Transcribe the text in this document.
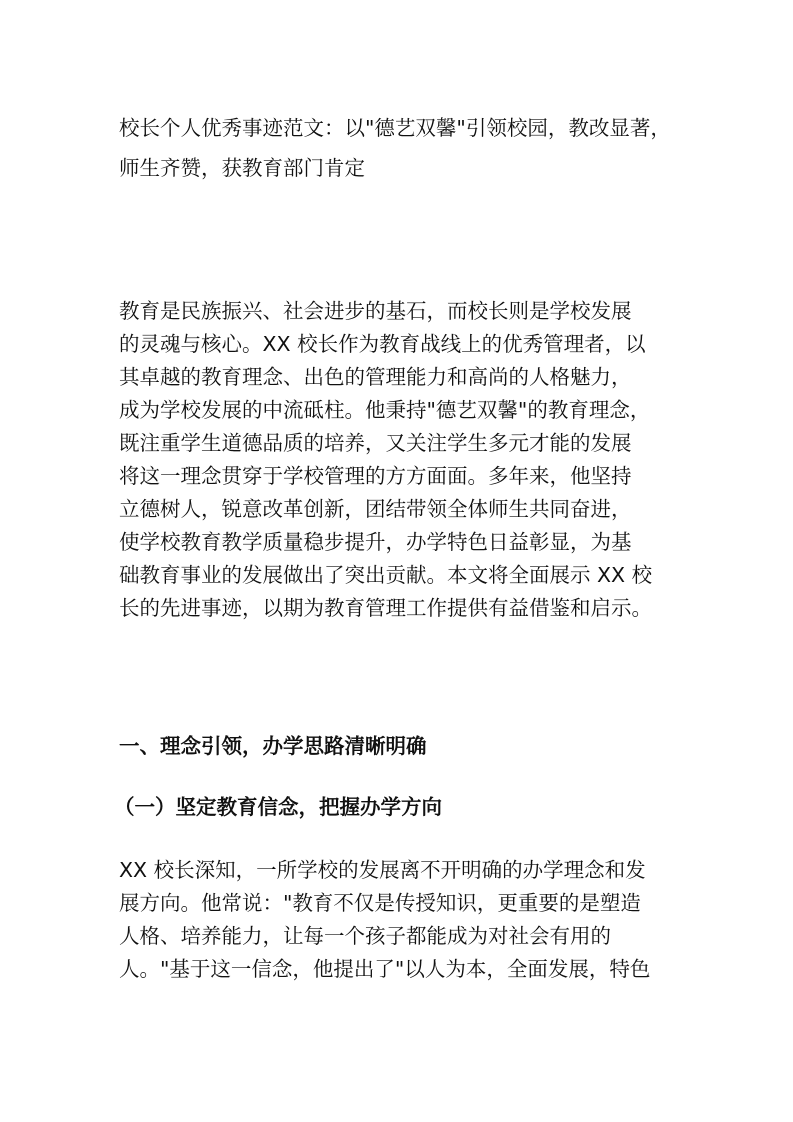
校长个人优秀事迹范文：以"德艺双馨"引领校园，教改显著，
师生齐赞，获教育部门肯定
教育是民族振兴、社会进步的基石，而校长则是学校发展
的灵魂与核心。XX 校长作为教育战线上的优秀管理者，以
其卓越的教育理念、出色的管理能力和高尚的人格魅力，
成为学校发展的中流砥柱。他秉持"德艺双馨"的教育理念，
既注重学生道德品质的培养，又关注学生多元才能的发展
将这一理念贯穿于学校管理的方方面面。多年来，他坚持
立德树人，锐意改革创新，团结带领全体师生共同奋进，
使学校教育教学质量稳步提升，办学特色日益彰显，为基
础教育事业的发展做出了突出贡献。本文将全面展示 XX 校
长的先进事迹，以期为教育管理工作提供有益借鉴和启示。
一、理念引领，办学思路清晰明确
（一）坚定教育信念，把握办学方向
XX 校长深知，一所学校的发展离不开明确的办学理念和发
展方向。他常说："教育不仅是传授知识，更重要的是塑造
人格、培养能力，让每一个孩子都能成为对社会有用的
人。"基于这一信念，他提出了"以人为本，全面发展，特色
